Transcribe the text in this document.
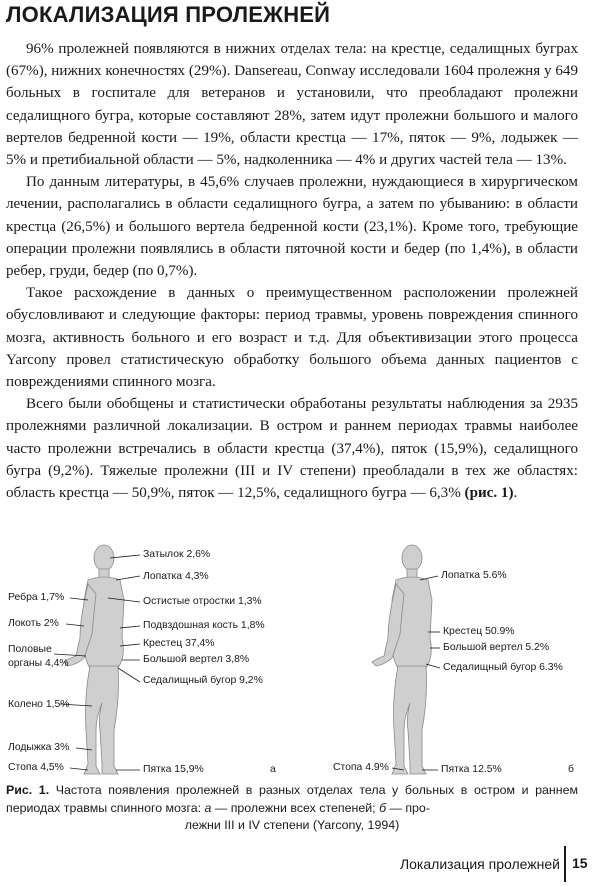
ЛОКАЛИЗАЦИЯ ПРОЛЕЖНЕЙ

96% пролежней появляются в нижних отделах тела: на крестце, седалищных буграх (67%), нижних конечностях (29%). Dansereau, Conway исследовали 1604 пролежня у 649 больных в госпитале для ветеранов и установили, что преобладают пролежни седалищного бугра, которые составляют 28%, затем идут пролежни большого и малого вертелов бедренной кости — 19%, области крестца — 17%, пяток — 9%, лодыжек — 5% и претибиальной области — 5%, надколенника — 4% и других частей тела — 13%.

По данным литературы, в 45,6% случаев пролежни, нуждающиеся в хирургическом лечении, располагались в области седалищного бугра, а затем по убыванию: в области крестца (26,5%) и большого вертела бедренной кости (23,1%). Кроме того, требующие операции пролежни появлялись в области пяточной кости и бедер (по 1,4%), в области ребер, груди, бедер (по 0,7%).

Такое расхождение в данных о преимущественном расположении пролежней обусловливают и следующие факторы: период травмы, уровень повреждения спинного мозга, активность больного и его возраст и т.д. Для объективизации этого процесса Yarcony провел статистическую обработку большого объема данных пациентов с повреждениями спинного мозга.

Всего были обобщены и статистически обработаны результаты наблюдения за 2935 пролежнями различной локализации. В остром и раннем периодах травмы наиболее часто пролежни встречались в области крестца (37,4%), пяток (15,9%), седалищного бугра (9,2%). Тяжелые пролежни (III и IV степени) преобладали в тех же областях: область крестца — 50,9%, пяток — 12,5%, седалищного бугра — 6,3% (рис. 1).

Затылок 2,6%
Лопатка 4,3%
Ребра 1,7%	Остистые отростки 1,3%
Локоть 2%	Подвздошная кость 1,8%
Половые
органы 4,4%
Крестец 37,4%
Большой вертел 3,8%
Седалищный бугор 9,2%
Колено 1,5%
Лодыжка 3%
Стопа 4,5%	Пятка 15,9%	а
Лопатка 5.6%
Крестец 50.9%
Большой вертел 5.2%
Седалищный бугор 6.3%
Стопа 4.9%	Пятка 12.5%	б
Рис. 1. Частота появления пролежней в разных отделах тела у больных в остром и раннем периодах травмы спинного мозга: а — пролежни всех степеней; б — про-
лежни III и IV степени (Yarcony, 1994)
Локализация пролежней 15
